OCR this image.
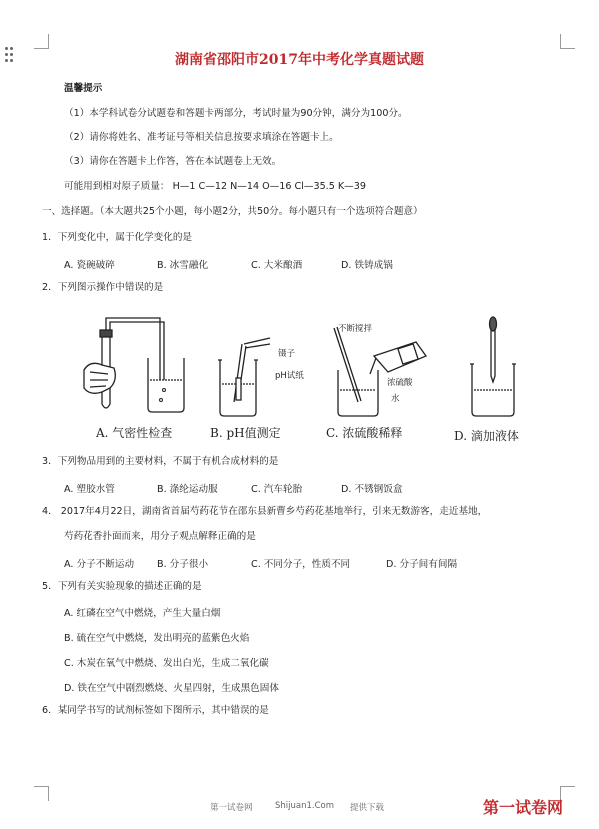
湖南省邵阳市2017年中考化学真题试题
温馨提示
（1）本学科试卷分试题卷和答题卡两部分，考试时量为90分钟，满分为100分。
（2）请你将姓名、准考证号等相关信息按要求填涂在答题卡上。
（3）请你在答题卡上作答，答在本试题卷上无效。
可能用到相对原子质量： H—1 C—12 N—14 O—16 Cl—35.5 K—39
一、选择题。（本大题共25个小题，每小题2分，共50分。每小题只有一个选项符合题意）
1．下列变化中，属于化学变化的是
A. 瓷碗破碎	B. 冰雪融化	C. 大米酿酒	D. 铁铸成锅
2．下列图示操作中错误的是
镊子
pH试纸
不断搅拌
浓硫酸
水
A. 气密性检查	B. pH值测定	C. 浓硫酸稀释	D. 滴加液体
3．下列物品用到的主要材料，不属于有机合成材料的是
A. 塑胶水管	B. 涤纶运动服	C. 汽车轮胎	D. 不锈钢饭盒
4． 2017年4月22日，湖南省首届芍药花节在邵东县新曹乡芍药花基地举行，引来无数游客，走近基地，
芍药花香扑面而来，用分子观点解释正确的是
A. 分子不断运动 B. 分子很小	C. 不同分子，性质不同	D. 分子间有间隔
5．下列有关实验现象的描述正确的是
A. 红磷在空气中燃烧，产生大量白烟
B. 硫在空气中燃烧，发出明亮的蓝紫色火焰
C. 木炭在氧气中燃烧、发出白光，生成二氧化碳
D. 铁在空气中剧烈燃烧、火星四射，生成黑色固体
6．某同学书写的试剂标签如下图所示，其中错误的是
第一试卷网	Shijuan1.Com 提供下载	第一试卷网
